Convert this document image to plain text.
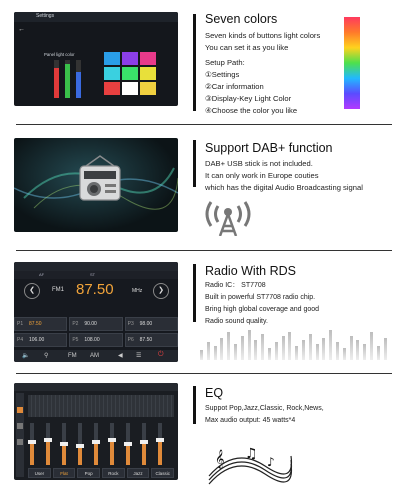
Settings
←
Panel light color
Seven colors
Seven kinds of buttons light colors
You can set it as you like
Setup Path:
①Settings
②Car information
③Display-Key Light Color
④Choose the color you like
Support DAB+ function
DAB+ USB stick is not included.
It can only work in Europe couties
which has the digital Audio Broadcasting signal
AF	ST
❮	❯
FM1 87.50	MHz
P1 87.50	P2 90.00	P3 98.00
P4 106.00	P5 108.00	P6 87.50
🔈 ⚲	FM AM	◀ ☰ ⏻
Radio With RDS
Radio IC： ST7708
Built in powerful ST7708 radio chip.
Bring high global coverage and good
Radio sound quality.
User	Flat	Pop	Rock	Jazz	Classic
𝄞 ♫ ♪
EQ
Suppot Pop,Jazz,Classic, Rock,News,
Max audio output: 45 watts*4
